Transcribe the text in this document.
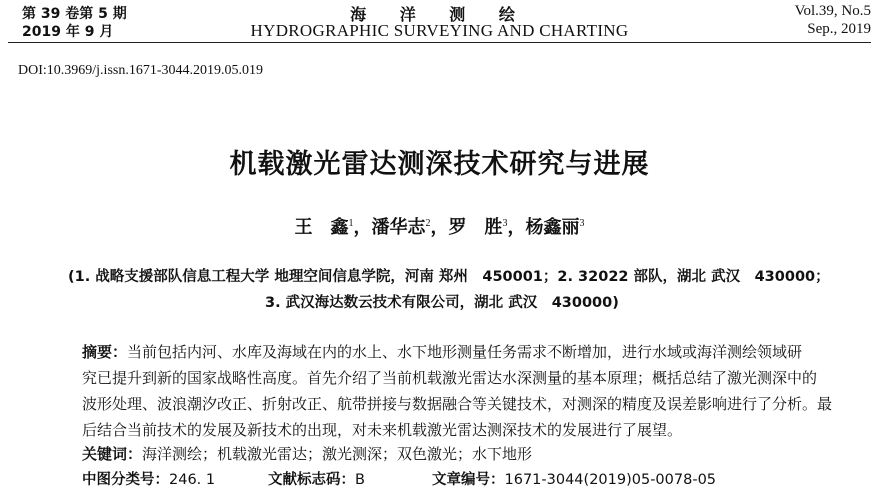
第 39 卷第 5 期
2019 年 9 月
海 洋 测 绘
HYDROGRAPHIC SURVEYING AND CHARTING
Vol.39, No.5
Sep., 2019
DOI:10.3969/j.issn.1671-3044.2019.05.019
机载激光雷达测深技术研究与进展
王　鑫$^1$，潘华志$^2$，罗　胜$^3$，杨鑫丽$^3$
(1. 战略支援部队信息工程大学 地理空间信息学院，河南 郑州　450001；2. 32022 部队，湖北 武汉　430000；
3. 武汉海达数云技术有限公司，湖北 武汉　430000)
摘要：当前包括内河、水库及海域在内的水上、水下地形测量任务需求不断增加，进行水域或海洋测绘领域研
究已提升到新的国家战略性高度。首先介绍了当前机载激光雷达水深测量的基本原理；概括总结了激光测深中的
波形处理、波浪潮汐改正、折射改正、航带拼接与数据融合等关键技术，对测深的精度及误差影响进行了分析。最
后结合当前技术的发展及新技术的出现，对未来机载激光雷达测深技术的发展进行了展望。
关键词：海洋测绘；机载激光雷达；激光测深；双色激光；水下地形
中图分类号：246. 1	文献标志码：B	文章编号：1671-3044(2019)05-0078-05
